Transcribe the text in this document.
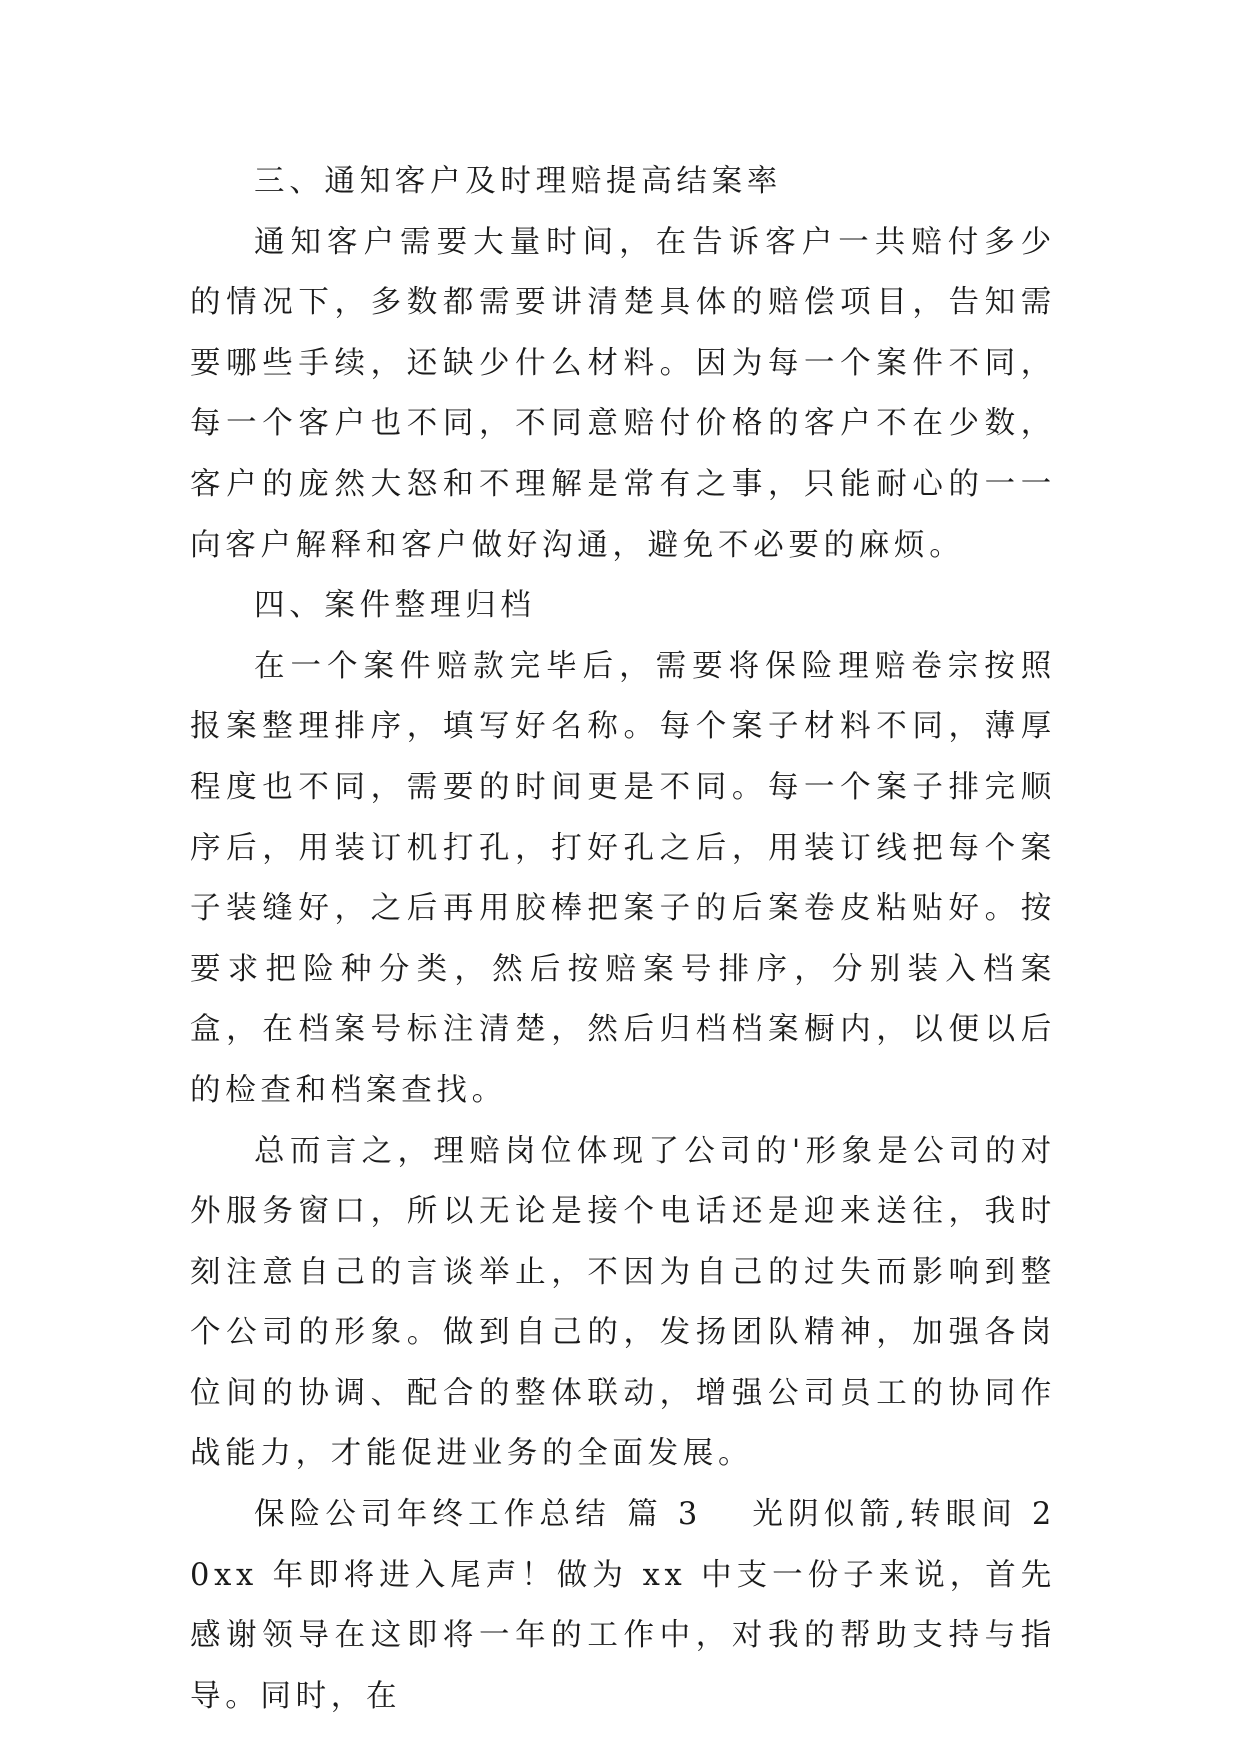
三、通知客户及时理赔提高结案率
通知客户需要大量时间，在告诉客户一共赔付多少的情况下，多数都需要讲清楚具体的赔偿项目，告知需要哪些手续，还缺少什么材料。因为每一个案件不同，每一个客户也不同，不同意赔付价格的客户不在少数，客户的庞然大怒和不理解是常有之事，只能耐心的一一向客户解释和客户做好沟通，避免不必要的麻烦。
四、案件整理归档
在一个案件赔款完毕后，需要将保险理赔卷宗按照报案整理排序，填写好名称。每个案子材料不同，薄厚程度也不同，需要的时间更是不同。每一个案子排完顺序后，用装订机打孔，打好孔之后，用装订线把每个案子装缝好，之后再用胶棒把案子的后案卷皮粘贴好。按要求把险种分类，然后按赔案号排序，分别装入档案盒，在档案号标注清楚，然后归档档案橱内，以便以后的检查和档案查找。
总而言之，理赔岗位体现了公司的'形象是公司的对外服务窗口，所以无论是接个电话还是迎来送往，我时刻注意自己的言谈举止，不因为自己的过失而影响到整个公司的形象。做到自己的，发扬团队精神，加强各岗位间的协调、配合的整体联动，增强公司员工的协同作战能力，才能促进业务的全面发展。
保险公司年终工作总结 篇 3 光阴似箭,转眼间 20xx 年即将进入尾声！做为 xx 中支一份子来说，首先感谢领导在这即将一年的工作中，对我的帮助支持与指导。同时，在
